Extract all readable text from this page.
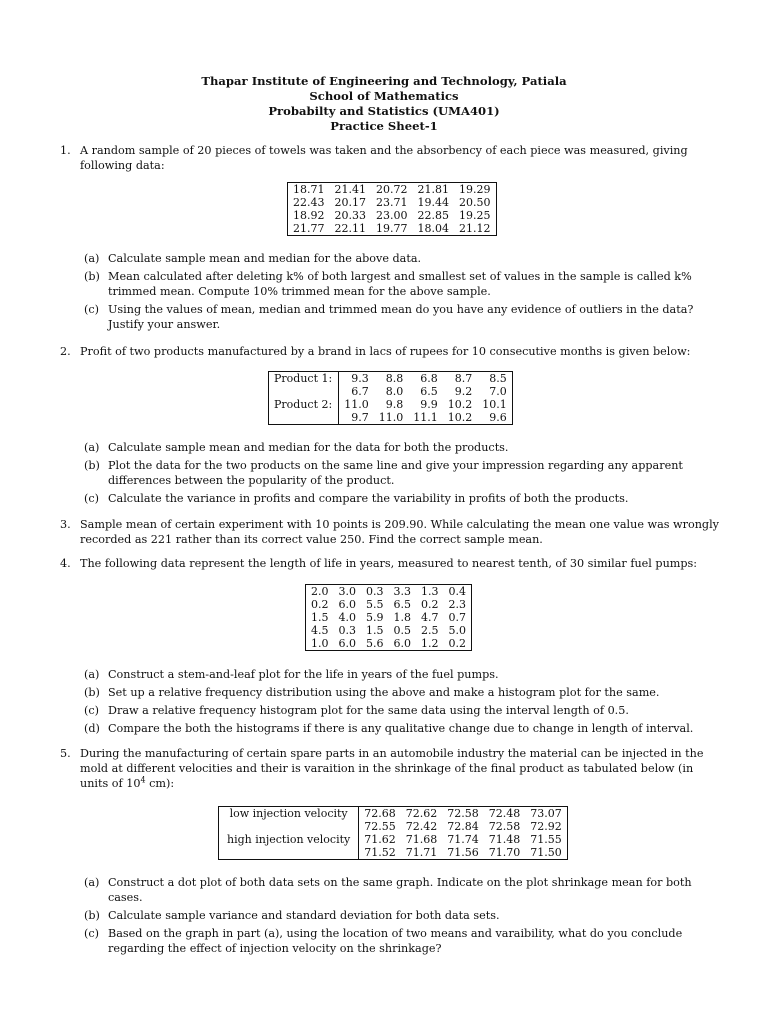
Thapar Institute of Engineering and Technology, Patiala
School of Mathematics
Probabilty and Statistics (UMA401)
Practice Sheet-1
1. A random sample of 20 pieces of towels was taken and the absorbency of each piece was measured, giving following data:
18.71	21.41	20.72	21.81	19.29
22.43	20.17	23.71	19.44	20.50
18.92	20.33	23.00	22.85	19.25
21.77	22.11	19.77	18.04	21.12
(a) Calculate sample mean and median for the above data.
(b) Mean calculated after deleting k% of both largest and smallest set of values in the sample is called k% trimmed mean. Compute 10% trimmed mean for the above sample.
(c) Using the values of mean, median and trimmed mean do you have any evidence of outliers in the data? Justify your answer.
2. Profit of two products manufactured by a brand in lacs of rupees for 10 consecutive months is given below:
Product 1:	9.3	8.8	6.8	8.7	8.5
	6.7	8.0	6.5	9.2	7.0
Product 2:	11.0	9.8	9.9	10.2	10.1
	9.7	11.0	11.1	10.2	9.6
(a) Calculate sample mean and median for the data for both the products.
(b) Plot the data for the two products on the same line and give your impression regarding any apparent differences between the popularity of the product.
(c) Calculate the variance in profits and compare the variability in profits of both the products.
3. Sample mean of certain experiment with 10 points is 209.90. While calculating the mean one value was wrongly recorded as 221 rather than its correct value 250. Find the correct sample mean.
4. The following data represent the length of life in years, measured to nearest tenth, of 30 similar fuel pumps:
2.0	3.0	0.3	3.3	1.3	0.4
0.2	6.0	5.5	6.5	0.2	2.3
1.5	4.0	5.9	1.8	4.7	0.7
4.5	0.3	1.5	0.5	2.5	5.0
1.0	6.0	5.6	6.0	1.2	0.2
(a) Construct a stem-and-leaf plot for the life in years of the fuel pumps.
(b) Set up a relative frequency distribution using the above and make a histogram plot for the same.
(c) Draw a relative frequency histogram plot for the same data using the interval length of 0.5.
(d) Compare the both the histograms if there is any qualitative change due to change in length of interval.
5. During the manufacturing of certain spare parts in an automobile industry the material can be injected in the mold at different velocities and their is varaition in the shrinkage of the final product as tabulated below (in units of $10^4$ cm):
low injection velocity	72.68	72.62	72.58	72.48	73.07
	72.55	72.42	72.84	72.58	72.92
high injection velocity	71.62	71.68	71.74	71.48	71.55
	71.52	71.71	71.56	71.70	71.50
(a) Construct a dot plot of both data sets on the same graph. Indicate on the plot shrinkage mean for both cases.
(b) Calculate sample variance and standard deviation for both data sets.
(c) Based on the graph in part (a), using the location of two means and varaibility, what do you conclude regarding the effect of injection velocity on the shrinkage?
